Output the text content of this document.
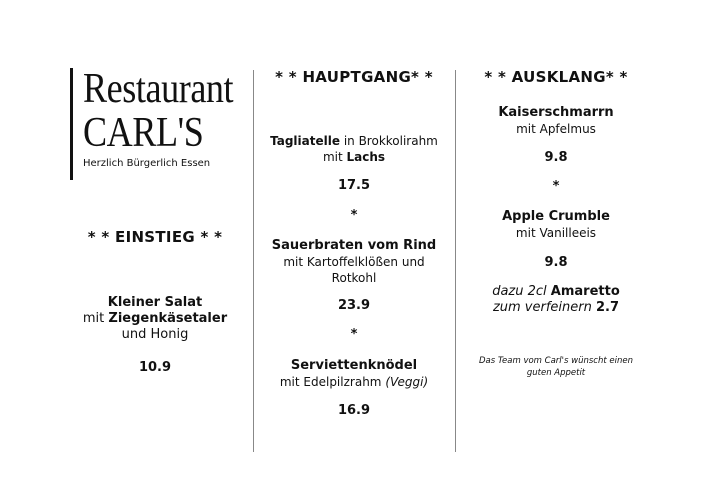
Restaurant
CARL'S
Herzlich Bürgerlich Essen
* * EINSTIEG * *
Kleiner Salat
mit Ziegenkäsetaler
und Honig
10.9
* * HAUPTGANG* *
Tagliatelle in Brokkolirahm
mit Lachs
17.5
*
Sauerbraten vom Rind
mit Kartoffelklößen und
Rotkohl
23.9
*
Serviettenknödel
mit Edelpilzrahm (Veggi)
16.9
* * AUSKLANG* *
Kaiserschmarrn
mit Apfelmus
9.8
*
Apple Crumble
mit Vanilleeis
9.8
dazu 2cl Amaretto
zum verfeinern 2.7
Das Team vom Carl's wünscht einen
guten Appetit
